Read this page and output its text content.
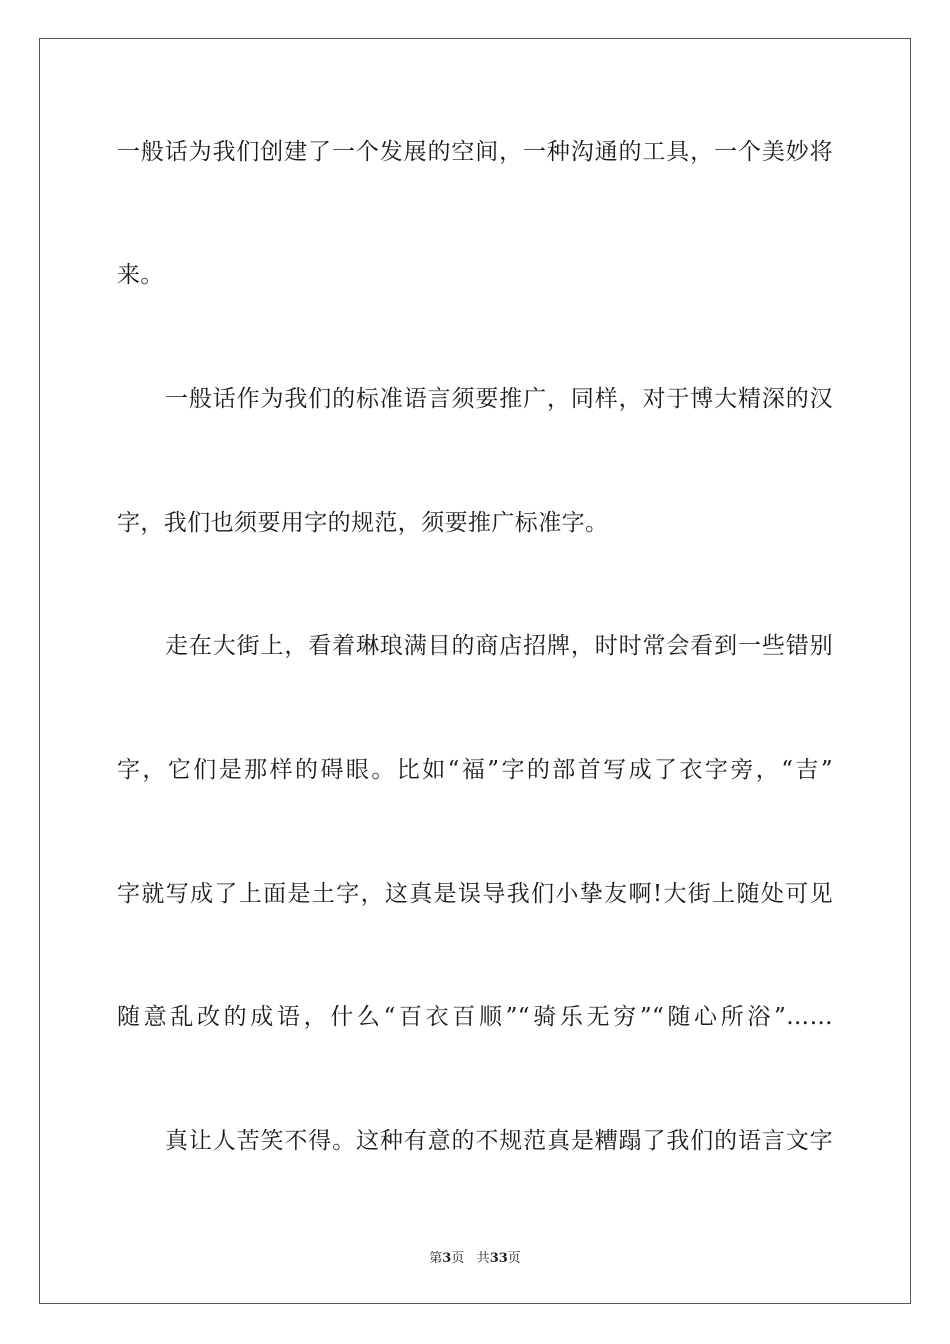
一般话为我们创建了一个发展的空间，一种沟通的工具，一个美妙将
来。
一般话作为我们的标准语言须要推广，同样，对于博大精深的汉
字，我们也须要用字的规范，须要推广标准字。
走在大街上，看着琳琅满目的商店招牌，时时常会看到一些错别
字，它们是那样的碍眼。比如“福”字的部首写成了衣字旁，“吉”
字就写成了上面是土字，这真是误导我们小挚友啊!大街上随处可见
随意乱改的成语，什么“百衣百顺”“骑乐无穷”“随心所浴”……
真让人苦笑不得。这种有意的不规范真是糟蹋了我们的语言文字
第3页 共33页
